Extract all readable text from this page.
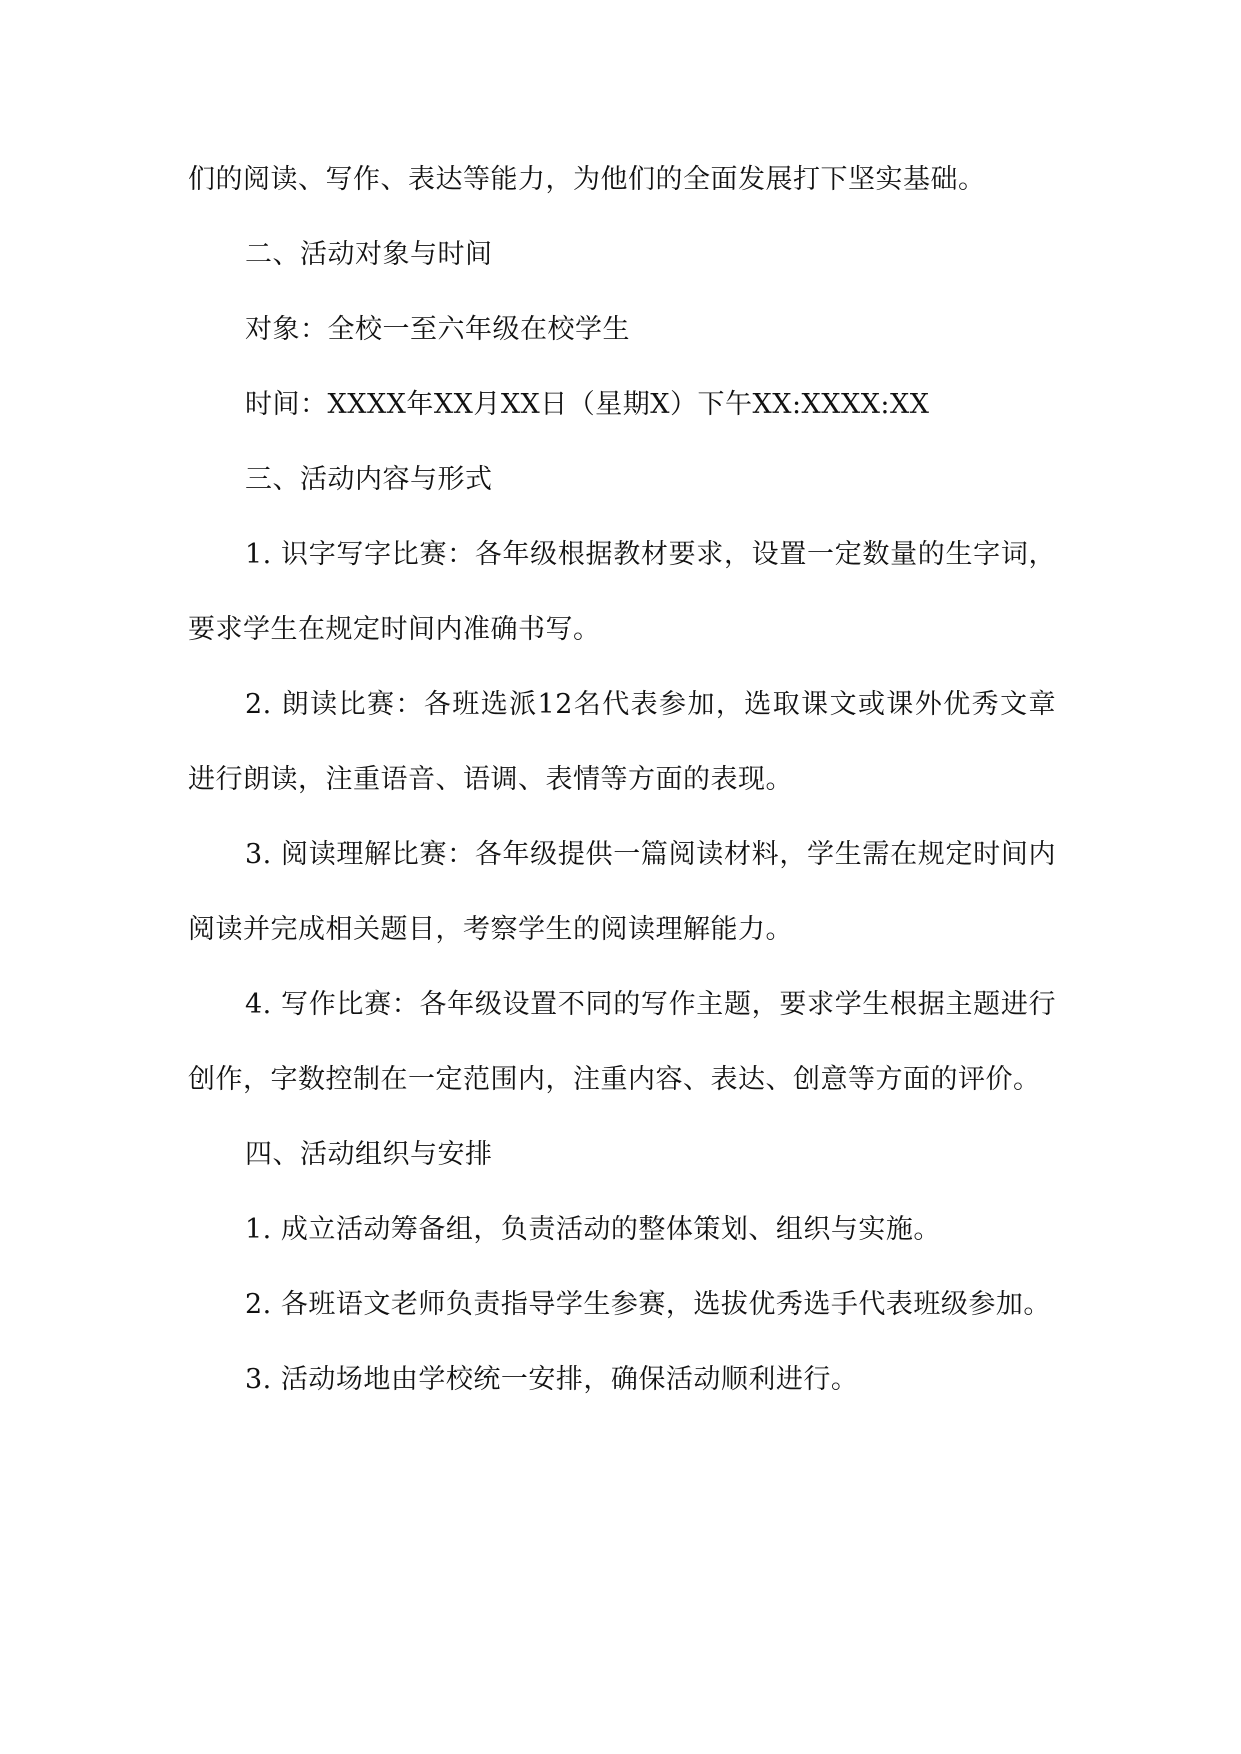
们的阅读、写作、表达等能力，为他们的全面发展打下坚实基础。

二、活动对象与时间

对象：全校一至六年级在校学生

时间：XXXX年XX月XX日（星期X）下午XX:XXXX:XX

三、活动内容与形式

1. 识字写字比赛：各年级根据教材要求，设置一定数量的生字词，要求学生在规定时间内准确书写。

2. 朗读比赛：各班选派12名代表参加，选取课文或课外优秀文章进行朗读，注重语音、语调、表情等方面的表现。

3. 阅读理解比赛：各年级提供一篇阅读材料，学生需在规定时间内阅读并完成相关题目，考察学生的阅读理解能力。

4. 写作比赛：各年级设置不同的写作主题，要求学生根据主题进行创作，字数控制在一定范围内，注重内容、表达、创意等方面的评价。

四、活动组织与安排

1. 成立活动筹备组，负责活动的整体策划、组织与实施。

2. 各班语文老师负责指导学生参赛，选拔优秀选手代表班级参加。

3. 活动场地由学校统一安排，确保活动顺利进行。
